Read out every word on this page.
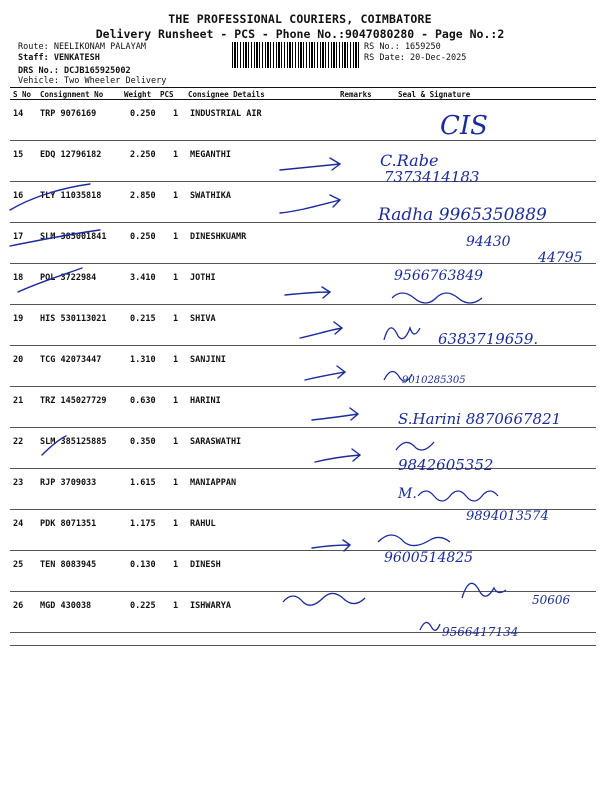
THE PROFESSIONAL COURIERS, COIMBATORE
Delivery Runsheet - PCS - Phone No.:9047080280 - Page No.:2
Route: NEELIKONAM PALAYAM
Staff: VENKATESH
DRS No.: DCJB165925002
Vehicle: Two Wheeler Delivery
RS No.: 1659250
RS Date: 20-Dec-2025
S No Consignment No	Weight PCS Consignee Details	Remarks	Seal & Signature
14 TRP 9076169	0.250 1 INDUSTRIAL AIR
15 EDQ 12796182	2.250 1 MEGANTHI
16 TLY 11035818	2.850 1 SWATHIKA
17 SLM 385001841	0.250 1 DINESHKUAMR
18 POL 3722984	3.410 1 JOTHI
19 HIS 530113021	0.215 1 SHIVA
20 TCG 42073447	1.310 1 SANJINI
21 TRZ 145027729	0.630 1 HARINI
22 SLM 385125885	0.350 1 SARASWATHI
23 RJP 3709033	1.615 1 MANIAPPAN
24 PDK 8071351	1.175 1 RAHUL
25 TEN 8083945	0.130 1 DINESH
26 MGD 430038	0.225 1 ISHWARYA
CIS
C.Rabe
7373414183
Radha 9965350889
94430
44795
9566763849
6383719659.
9010285305
S.Harini 8870667821
9842605352
M.
9894013574
9600514825
50606
9566417134
